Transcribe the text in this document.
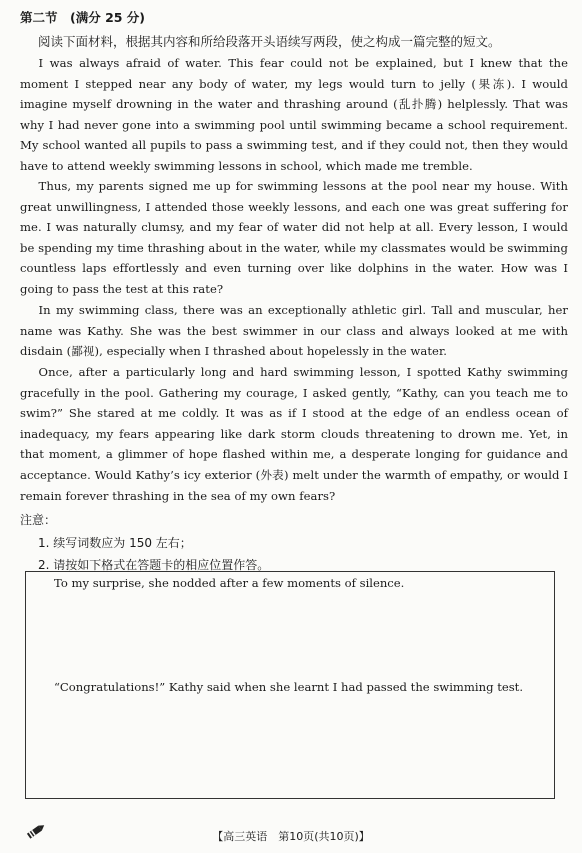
第二节　(满分 25 分)
阅读下面材料，根据其内容和所给段落开头语续写两段，使之构成一篇完整的短文。

I was always afraid of water. This fear could not be explained, but I knew that the moment I stepped near any body of water, my legs would turn to jelly (果冻). I would imagine myself drowning in the water and thrashing around (乱扑腾) helplessly. That was why I had never gone into a swimming pool until swimming became a school requirement. My school wanted all pupils to pass a swimming test, and if they could not, then they would have to attend weekly swimming lessons in school, which made me tremble.

Thus, my parents signed me up for swimming lessons at the pool near my house. With great unwillingness, I attended those weekly lessons, and each one was great suffering for me. I was naturally clumsy, and my fear of water did not help at all. Every lesson, I would be spending my time thrashing about in the water, while my classmates would be swimming countless laps effortlessly and even turning over like dolphins in the water. How was I going to pass the test at this rate?

In my swimming class, there was an exceptionally athletic girl. Tall and muscular, her name was Kathy. She was the best swimmer in our class and always looked at me with disdain (鄙视), especially when I thrashed about hopelessly in the water.

Once, after a particularly long and hard swimming lesson, I spotted Kathy swimming gracefully in the pool. Gathering my courage, I asked gently, “Kathy, can you teach me to swim?” She stared at me coldly. It was as if I stood at the edge of an endless ocean of inadequacy, my fears appearing like dark storm clouds threatening to drown me. Yet, in that moment, a glimmer of hope flashed within me, a desperate longing for guidance and acceptance. Would Kathy’s icy exterior (外表) melt under the warmth of empathy, or would I remain forever thrashing in the sea of my own fears?

注意：
1. 续写词数应为 150 左右；
2. 请按如下格式在答题卡的相应位置作答。
To my surprise, she nodded after a few moments of silence.
“Congratulations!” Kathy said when she learnt I had passed the swimming test.
【高三英语　第10页(共10页)】
